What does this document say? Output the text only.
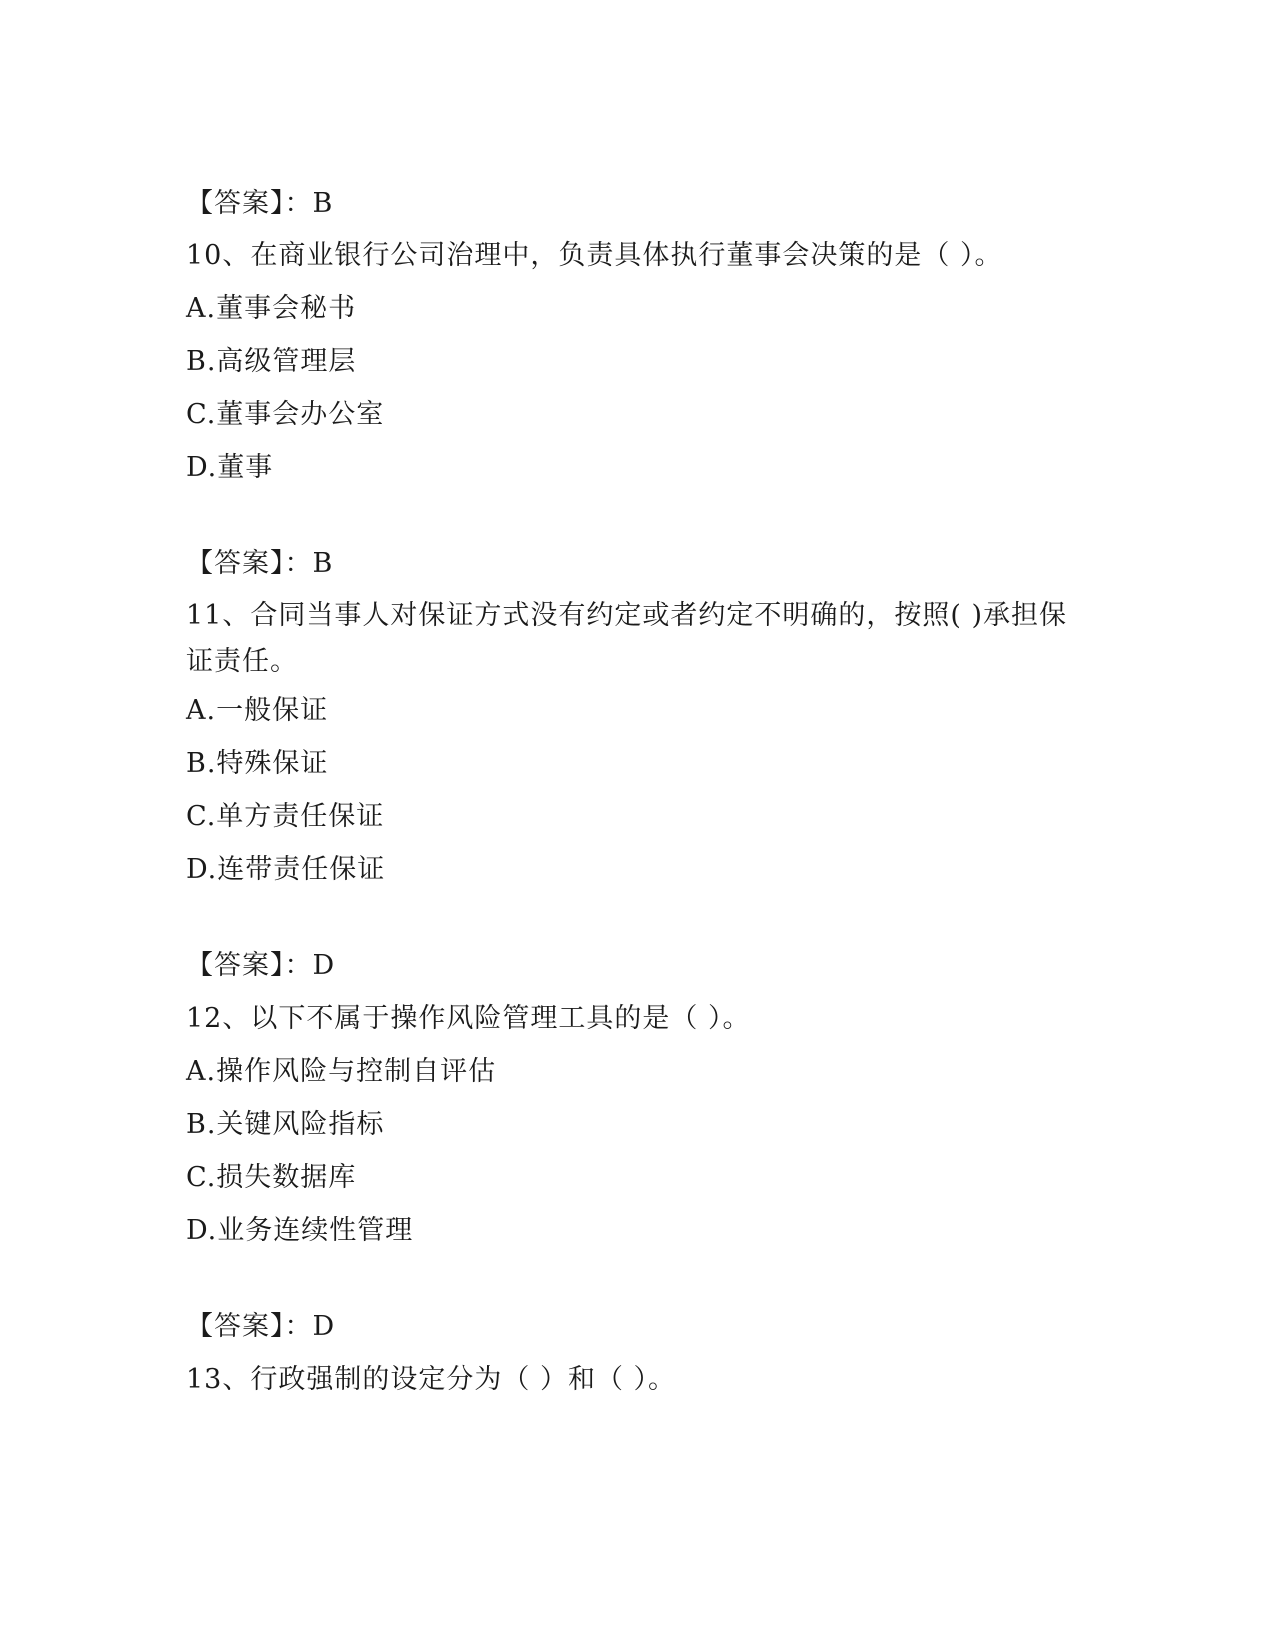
【答案】：B
10、在商业银行公司治理中，负责具体执行董事会决策的是（ ）。
A.董事会秘书
B.高级管理层
C.董事会办公室
D.董事
【答案】：B
11、合同当事人对保证方式没有约定或者约定不明确的，按照( )承担保证责任。
A.一般保证
B.特殊保证
C.单方责任保证
D.连带责任保证
【答案】：D
12、以下不属于操作风险管理工具的是（ ）。
A.操作风险与控制自评估
B.关键风险指标
C.损失数据库
D.业务连续性管理
【答案】：D
13、行政强制的设定分为（ ）和（ ）。
